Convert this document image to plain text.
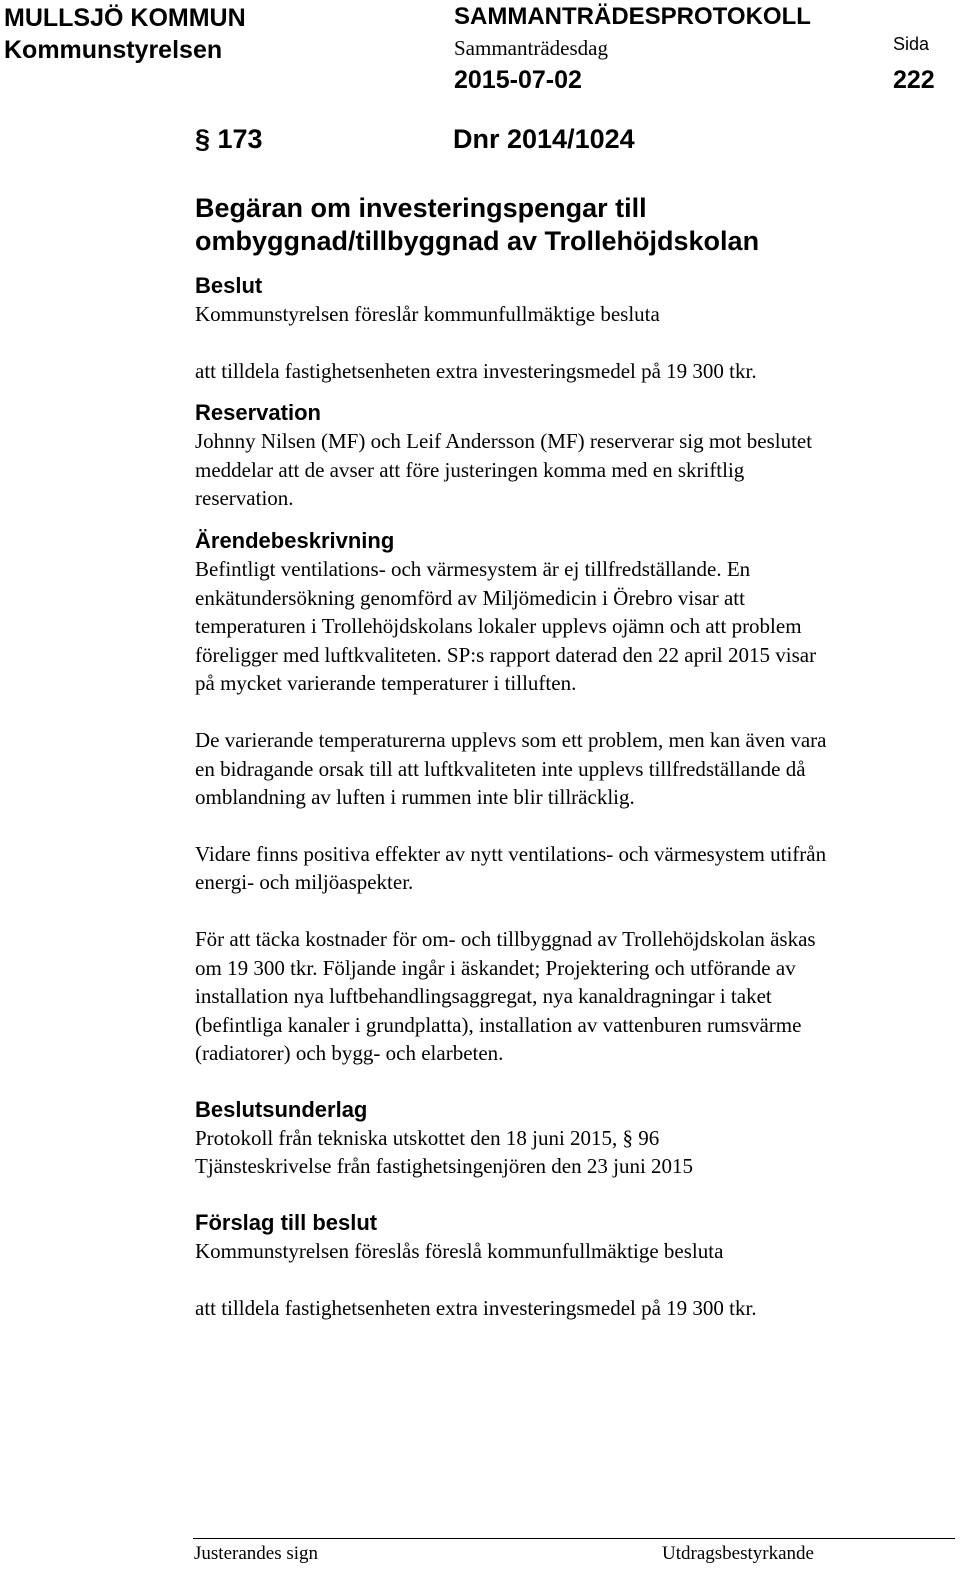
MULLSJÖ KOMMUN
Kommunstyrelsen
SAMMANTRÄDESPROTOKOLL
Sammanträdesdag
2015-07-02
Sida
222
§ 173	Dnr 2014/1024
Begäran om investeringspengar till
ombyggnad/tillbyggnad av Trollehöjdskolan
Beslut
Kommunstyrelsen föreslår kommunfullmäktige besluta
att tilldela fastighetsenheten extra investeringsmedel på 19 300 tkr.
Reservation
Johnny Nilsen (MF) och Leif Andersson (MF) reserverar sig mot beslutet
meddelar att de avser att före justeringen komma med en skriftlig
reservation.
Ärendebeskrivning
Befintligt ventilations- och värmesystem är ej tillfredställande. En
enkätundersökning genomförd av Miljömedicin i Örebro visar att
temperaturen i Trollehöjdskolans lokaler upplevs ojämn och att problem
föreligger med luftkvaliteten. SP:s rapport daterad den 22 april 2015 visar
på mycket varierande temperaturer i tilluften.
De varierande temperaturerna upplevs som ett problem, men kan även vara
en bidragande orsak till att luftkvaliteten inte upplevs tillfredställande då
omblandning av luften i rummen inte blir tillräcklig.
Vidare finns positiva effekter av nytt ventilations- och värmesystem utifrån
energi- och miljöaspekter.
För att täcka kostnader för om- och tillbyggnad av Trollehöjdskolan äskas
om 19 300 tkr. Följande ingår i äskandet; Projektering och utförande av
installation nya luftbehandlingsaggregat, nya kanaldragningar i taket
(befintliga kanaler i grundplatta), installation av vattenburen rumsvärme
(radiatorer) och bygg- och elarbeten.
Beslutsunderlag
Protokoll från tekniska utskottet den 18 juni 2015, § 96
Tjänsteskrivelse från fastighetsingenjören den 23 juni 2015
Förslag till beslut
Kommunstyrelsen föreslås föreslå kommunfullmäktige besluta
att tilldela fastighetsenheten extra investeringsmedel på 19 300 tkr.
Justerandes sign	Utdragsbestyrkande
